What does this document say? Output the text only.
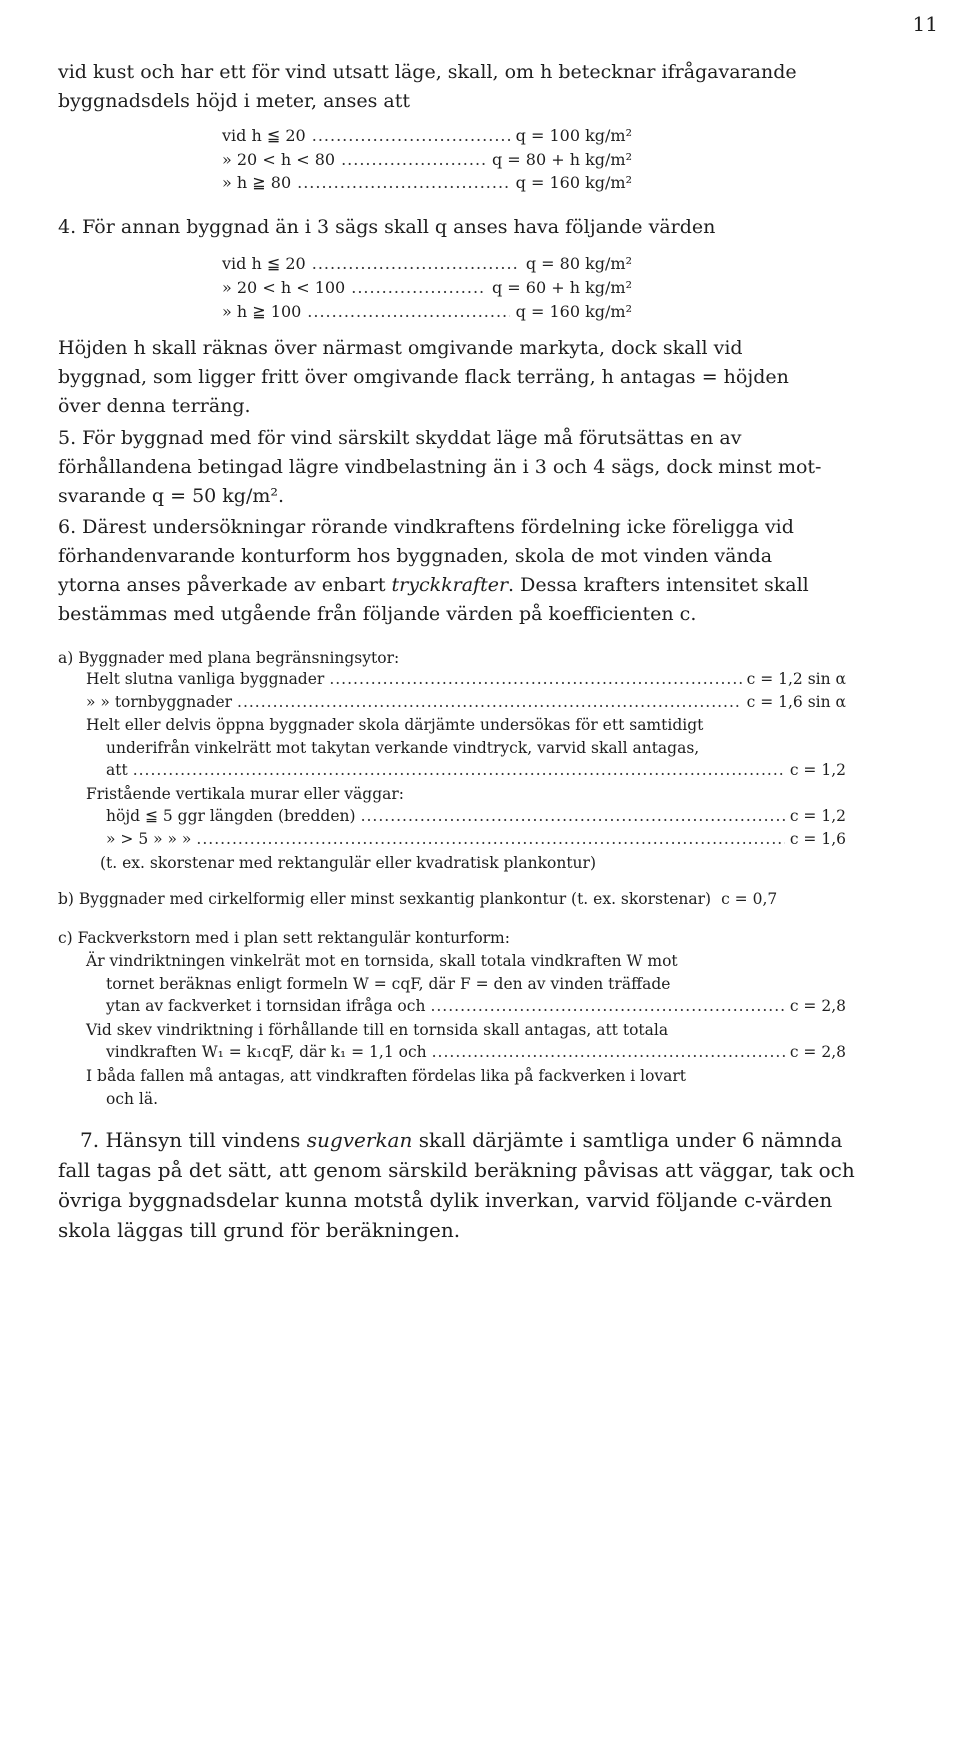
11
vid kust och har ett för vind utsatt läge, skall, om h betecknar ifrågavarande
byggnadsdels höjd i meter, anses att
vid h ≦ 20 .....	q = 100 kg/m²
» 20 < h < 80 .....	q = 80 + h kg/m²
» h ≧ 80 .....	q = 160 kg/m²
4. För annan byggnad än i 3 sägs skall q anses hava följande värden
vid h ≦ 20 .....	q = 80 kg/m²
» 20 < h < 100 .....	q = 60 + h kg/m²
» h ≧ 100 .....	q = 160 kg/m²
Höjden h skall räknas över närmast omgivande markyta, dock skall vid
byggnad, som ligger fritt över omgivande flack terräng, h antagas = höjden
över denna terräng.
5. För byggnad med för vind särskilt skyddat läge må förutsättas en av
förhållandena betingad lägre vindbelastning än i 3 och 4 sägs, dock minst mot-
svarande q = 50 kg/m².
6. Därest undersökningar rörande vindkraftens fördelning icke föreligga vid
förhandenvarande konturform hos byggnaden, skola de mot vinden vända
ytorna anses påverkade av enbart tryckkrafter. Dessa krafters intensitet skall
bestämmas med utgående från följande värden på koefficienten c.
a) Byggnader med plana begränsningsytor:
Helt slutna vanliga byggnader .....	c = 1,2 sin α
» » tornbyggnader .....	c = 1,6 sin α
Helt eller delvis öppna byggnader skola därjämte undersökas för ett samtidigt
underifrån vinkelrätt mot takytan verkande vindtryck, varvid skall antagas,
att .....	c = 1,2
Fristående vertikala murar eller väggar:
höjd ≦ 5 ggr längden (bredden) .....	c = 1,2
» > 5 » » » .....	c = 1,6
(t. ex. skorstenar med rektangulär eller kvadratisk plankontur)
b) Byggnader med cirkelformig eller minst sexkantig plankontur (t. ex. skorstenar) c = 0,7
c) Fackverkstorn med i plan sett rektangulär konturform:
Är vindriktningen vinkelrät mot en tornsida, skall totala vindkraften W mot
tornet beräknas enligt formeln W = cqF, där F = den av vinden träffade
ytan av fackverket i tornsidan ifråga och .....	c = 2,8
Vid skev vindriktning i förhållande till en tornsida skall antagas, att totala
vindkraften W₁ = k₁cqF, där k₁ = 1,1 och .....	c = 2,8
I båda fallen må antagas, att vindkraften fördelas lika på fackverken i lovart
och lä.
7. Hänsyn till vindens sugverkan skall därjämte i samtliga under 6 nämnda
fall tagas på det sätt, att genom särskild beräkning påvisas att väggar, tak och
övriga byggnadsdelar kunna motstå dylik inverkan, varvid följande c-värden
skola läggas till grund för beräkningen.
